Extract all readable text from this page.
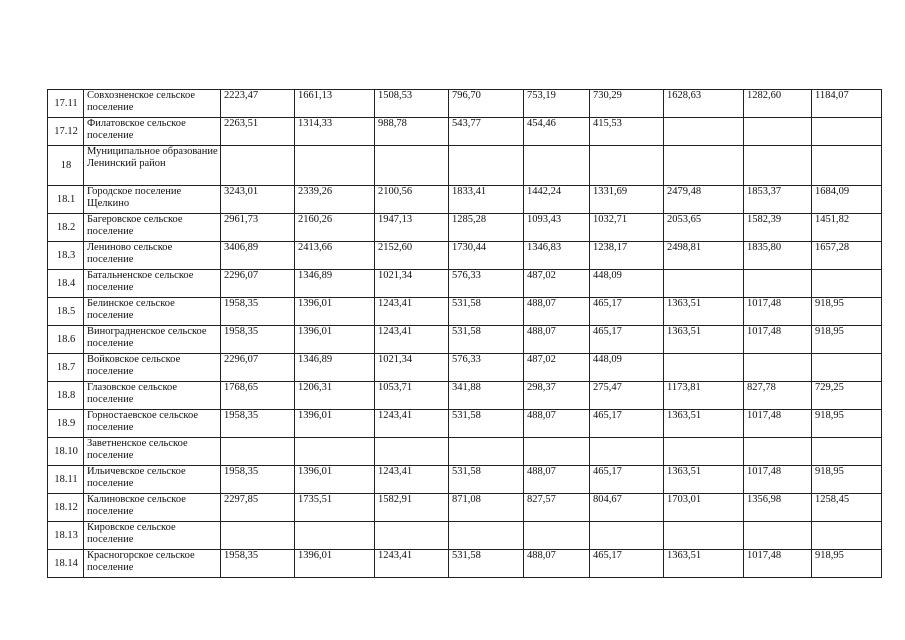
17.11	Совхозненское сельское поселение	2223,47	1661,13	1508,53	796,70	753,19	730,29	1628,63	1282,60	1184,07
17.12	Филатовское сельское поселение	2263,51	1314,33	988,78	543,77	454,46	415,53			
18	Муниципальное образование Ленинский район									
18.1	Городское поселение Щелкино	3243,01	2339,26	2100,56	1833,41	1442,24	1331,69	2479,48	1853,37	1684,09
18.2	Багеровское сельское поселение	2961,73	2160,26	1947,13	1285,28	1093,43	1032,71	2053,65	1582,39	1451,82
18.3	Лениново сельское поселение	3406,89	2413,66	2152,60	1730,44	1346,83	1238,17	2498,81	1835,80	1657,28
18.4	Батальненское сельское поселение	2296,07	1346,89	1021,34	576,33	487,02	448,09			
18.5	Белинское сельское поселение	1958,35	1396,01	1243,41	531,58	488,07	465,17	1363,51	1017,48	918,95
18.6	Виноградненское сельское поселение	1958,35	1396,01	1243,41	531,58	488,07	465,17	1363,51	1017,48	918,95
18.7	Войковское сельское поселение	2296,07	1346,89	1021,34	576,33	487,02	448,09			
18.8	Глазовское сельское поселение	1768,65	1206,31	1053,71	341,88	298,37	275,47	1173,81	827,78	729,25
18.9	Горностаевское сельское поселение	1958,35	1396,01	1243,41	531,58	488,07	465,17	1363,51	1017,48	918,95
18.10	Заветненское сельское поселение									
18.11	Ильичевское сельское поселение	1958,35	1396,01	1243,41	531,58	488,07	465,17	1363,51	1017,48	918,95
18.12	Калиновское сельское поселение	2297,85	1735,51	1582,91	871,08	827,57	804,67	1703,01	1356,98	1258,45
18.13	Кировское сельское поселение									
18.14	Красногорское сельское поселение	1958,35	1396,01	1243,41	531,58	488,07	465,17	1363,51	1017,48	918,95
